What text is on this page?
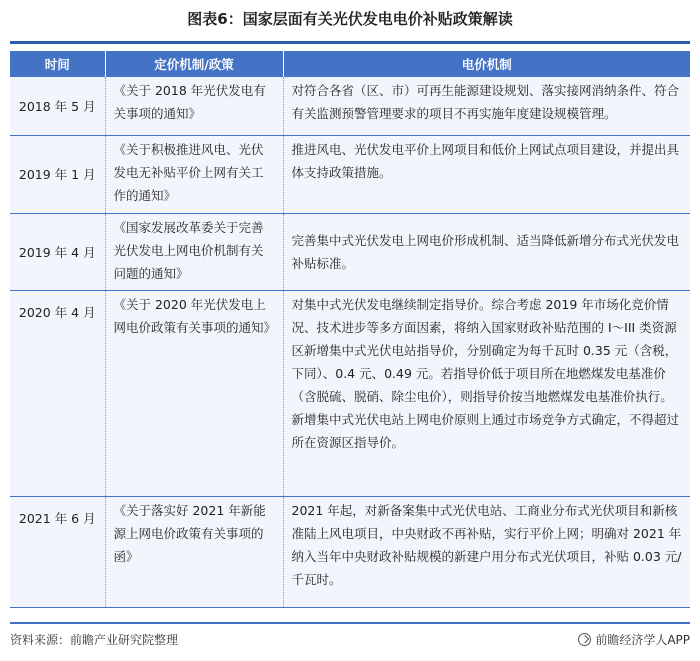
图表6：国家层面有关光伏发电电价补贴政策解读
时间	定价机制/政策	电价机制
2018 年 5 月	《关于 2018 年光伏发电有关事项的通知》	对符合各省（区、市）可再生能源建设规划、落实接网消纳条件、符合有关监测预警管理要求的项目不再实施年度建设规模管理。
2019 年 1 月	《关于积极推进风电、光伏发电无补贴平价上网有关工作的通知》	推进风电、光伏发电平价上网项目和低价上网试点项目建设，并提出具体支持政策措施。
2019 年 4 月	《国家发展改革委关于完善光伏发电上网电价机制有关问题的通知》	完善集中式光伏发电上网电价形成机制、适当降低新增分布式光伏发电补贴标准。
2020 年 4 月	《关于 2020 年光伏发电上网电价政策有关事项的通知》	对集中式光伏发电继续制定指导价。综合考虑 2019 年市场化竞价情况、技术进步等多方面因素，将纳入国家财政补贴范围的 I～III 类资源区新增集中式光伏电站指导价，分别确定为每千瓦时 0.35 元（含税，下同）、0.4 元、0.49 元。若指导价低于项目所在地燃煤发电基准价（含脱硫、脱硝、除尘电价），则指导价按当地燃煤发电基准价执行。新增集中式光伏电站上网电价原则上通过市场竞争方式确定，不得超过所在资源区指导价。
2021 年 6 月	《关于落实好 2021 年新能源上网电价政策有关事项的函》	2021 年起，对新备案集中式光伏电站、工商业分布式光伏项目和新核准陆上风电项目，中央财政不再补贴，实行平价上网；明确对 2021 年纳入当年中央财政补贴规模的新建户用分布式光伏项目，补贴 0.03 元/千瓦时。
资料来源：前瞻产业研究院整理	前瞻经济学人APP
